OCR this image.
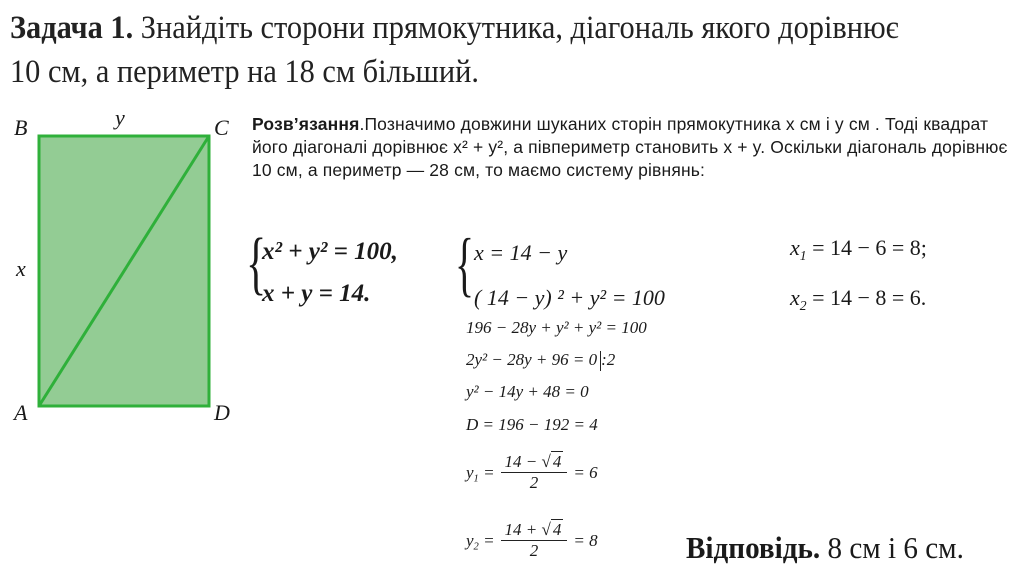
Задача 1. Знайдіть сторони прямокутника, діагональ якого дорівнює 10 см, а периметр на 18 см більший.
B	C
A	D
y
x
Розв’язання.Позначимо довжини шуканих сторін прямокутника x см і y см . Тоді квадрат його діагоналі дорівнює x² + y², а півпериметр становить x + y. Оскільки діагональ дорівнює 10 см, а периметр — 28 см, то маємо систему рівнянь:
{
x² + y² = 100,
x + y = 14. { x = 14 − y
( 14 − y) ² + y² = 100
196 − 28y + y² + y² = 100
2y² − 28y + 96 = 0 :2
y² − 14y + 48 = 0
D = 196 − 192 = 4
$y_1 = \frac{14 - √ 4}{2} = 6$
$y_2 = \frac{14 + √ 4}{2} = 8$
$x_1 = 14 - 6 = 8$;
$x_2 = 14 - 8 = 6$.
Відповідь. 8 см і 6 см.
